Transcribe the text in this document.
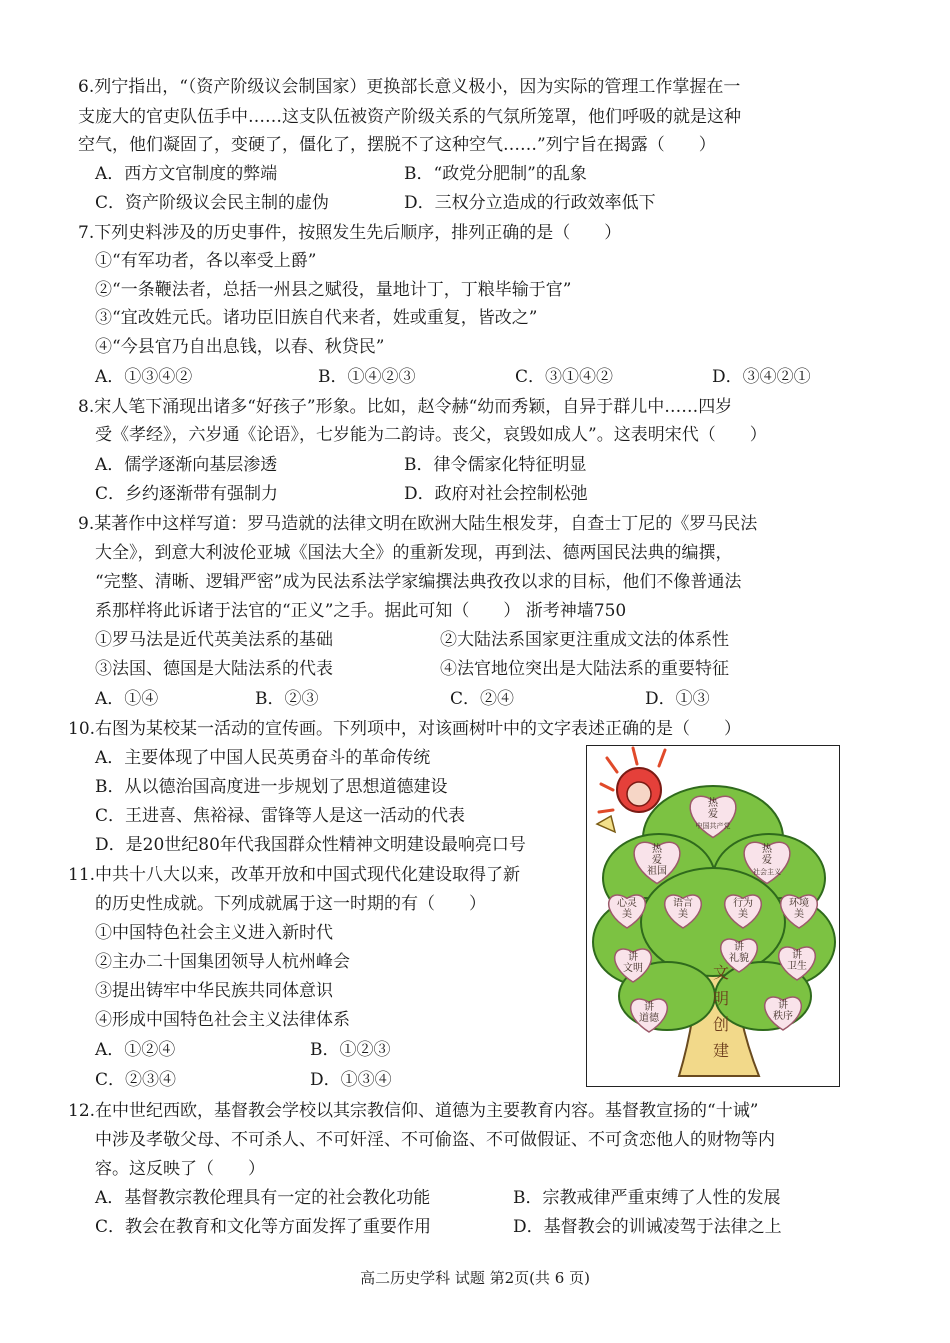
6.列宁指出，“（资产阶级议会制国家）更换部长意义极小，因为实际的管理工作掌握在一
支庞大的官吏队伍手中……这支队伍被资产阶级关系的气氛所笼罩，他们呼吸的就是这种
空气，他们凝固了，变硬了，僵化了，摆脱不了这种空气……”列宁旨在揭露（　　）
A．西方文官制度的弊端	B．“政党分肥制”的乱象
C．资产阶级议会民主制的虚伪	D．三权分立造成的行政效率低下
7.下列史料涉及的历史事件，按照发生先后顺序，排列正确的是（　　）
①“有军功者，各以率受上爵”
②“一条鞭法者，总括一州县之赋役，量地计丁，丁粮毕输于官”
③“宜改姓元氏。诸功臣旧族自代来者，姓或重复，皆改之”
④“今县官乃自出息钱，以春、秋贷民”
A．①③④②	B．①④②③	C．③①④②	D．③④②①
8.宋人笔下涌现出诸多“好孩子”形象。比如，赵令赫“幼而秀颖，自异于群儿中……四岁
受《孝经》，六岁通《论语》，七岁能为二韵诗。丧父，哀毁如成人”。这表明宋代（　　）
A．儒学逐渐向基层渗透	B．律令儒家化特征明显
C．乡约逐渐带有强制力	D．政府对社会控制松弛
9.某著作中这样写道：罗马造就的法律文明在欧洲大陆生根发芽，自查士丁尼的《罗马民法
大全》，到意大利波伦亚城《国法大全》的重新发现，再到法、德两国民法典的编撰，
“完整、清晰、逻辑严密”成为民法系法学家编撰法典孜孜以求的目标，他们不像普通法
系那样将此诉诸于法官的“正义”之手。据此可知（　　） 浙考神墙750
①罗马法是近代英美法系的基础	②大陆法系国家更注重成文法的体系性
③法国、德国是大陆法系的代表	④法官地位突出是大陆法系的重要特征
A．①④	B．②③	C．②④	D．①③
10.右图为某校某一活动的宣传画。下列项中，对该画树叶中的文字表述正确的是（　　）
A．主要体现了中国人民英勇奋斗的革命传统
B．从以德治国高度进一步规划了思想道德建设
C．王进喜、焦裕禄、雷锋等人是这一活动的代表
D．是20世纪80年代我国群众性精神文明建设最响亮口号
11.中共十八大以来，改革开放和中国式现代化建设取得了新
的历史性成就。下列成就属于这一时期的有（　　）
①中国特色社会主义进入新时代
②主办二十国集团领导人杭州峰会
③提出铸牢中华民族共同体意识
④形成中国特色社会主义法律体系
A．①②④	B．①②③
C．②③④	D．①③④
热
爱
中国共产党
热
爱
祖国
热
爱
社会主义
心灵
美
语言
美
行为
美
环境
美
讲
文明
讲
礼貌	讲
卫生
讲
道德
讲
秩序
文
明
创
建
12.在中世纪西欧，基督教会学校以其宗教信仰、道德为主要教育内容。基督教宣扬的“十诫”
中涉及孝敬父母、不可杀人、不可奸淫、不可偷盗、不可做假证、不可贪恋他人的财物等内
容。这反映了（　　）
A．基督教宗教伦理具有一定的社会教化功能	B．宗教戒律严重束缚了人性的发展
C．教会在教育和文化等方面发挥了重要作用	D．基督教会的训诫凌驾于法律之上
高二历史学科 试题 第2页(共 6 页)
